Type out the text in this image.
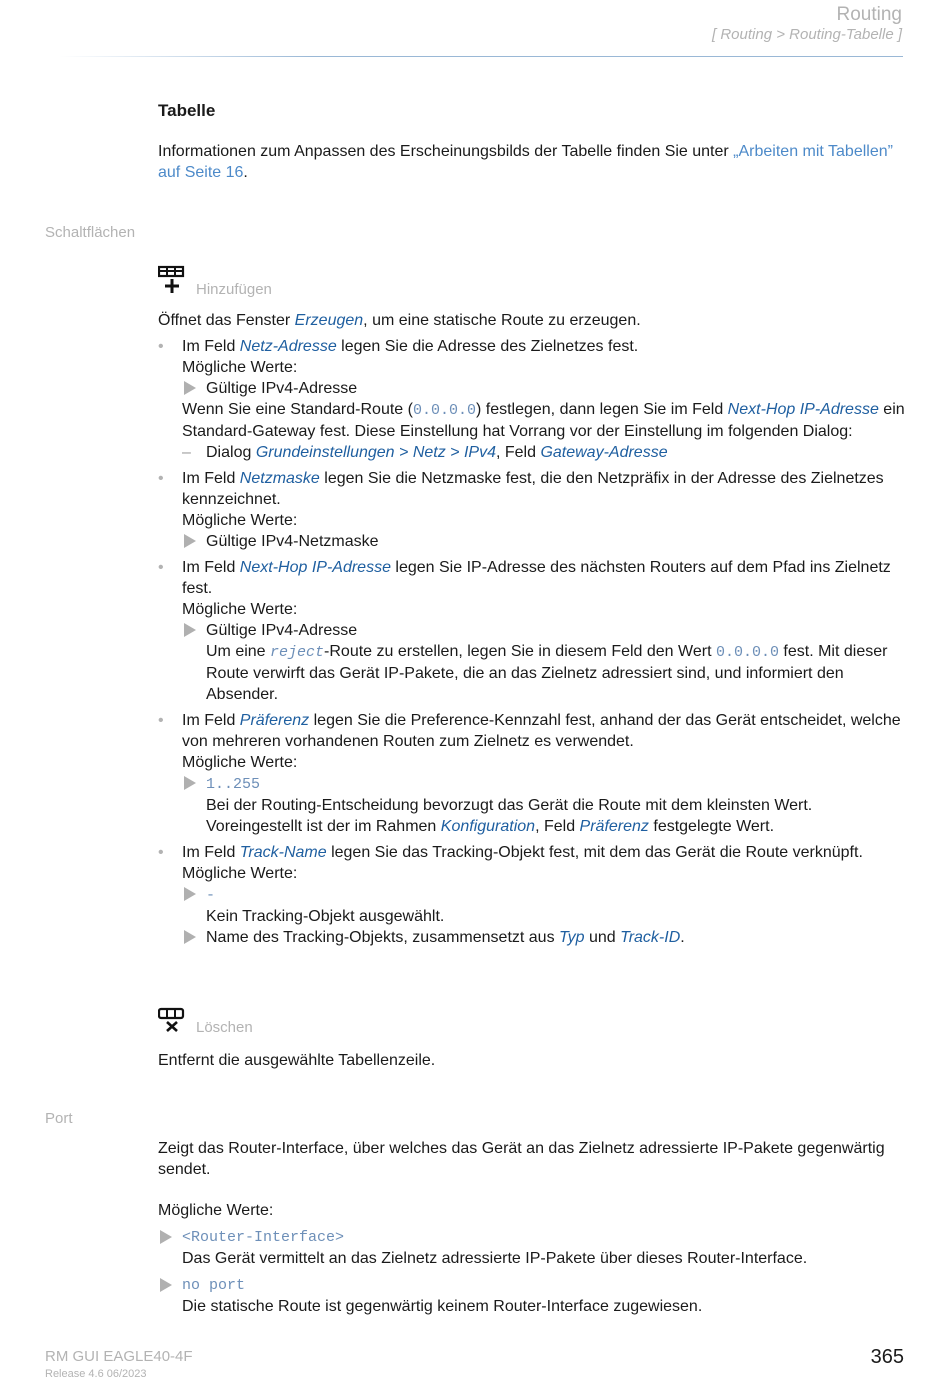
Routing
[ Routing > Routing-Tabelle ]
Tabelle

Informationen zum Anpassen des Erscheinungsbilds der Tabelle finden Sie unter „Arbeiten mit Tabellen” auf Seite 16.

Schaltflächen
Hinzufügen

Öffnet das Fenster Erzeugen, um eine statische Route zu erzeugen.

• Im Feld Netz-Adresse legen Sie die Adresse des Zielnetzes fest.
Mögliche Werte:
Gültige IPv4-Adresse
Wenn Sie eine Standard-Route (0.0.0.0) festlegen, dann legen Sie im Feld Next-Hop IP-Adresse ein Standard-Gateway fest. Diese Einstellung hat Vorrang vor der Einstellung im folgenden Dialog:
– Dialog Grundeinstellungen > Netz > IPv4, Feld Gateway-Adresse
• Im Feld Netzmaske legen Sie die Netzmaske fest, die den Netzpräfix in der Adresse des Zielnetzes kennzeichnet.
Mögliche Werte:
Gültige IPv4-Netzmaske
• Im Feld Next-Hop IP-Adresse legen Sie IP-Adresse des nächsten Routers auf dem Pfad ins Zielnetz fest.
Mögliche Werte:
Gültige IPv4-Adresse
Um eine reject-Route zu erstellen, legen Sie in diesem Feld den Wert 0.0.0.0 fest. Mit dieser Route verwirft das Gerät IP-Pakete, die an das Zielnetz adressiert sind, und informiert den Absender.
• Im Feld Präferenz legen Sie die Preference-Kennzahl fest, anhand der das Gerät entscheidet, welche von mehreren vorhandenen Routen zum Zielnetz es verwendet.
Mögliche Werte:
1..255
Bei der Routing-Entscheidung bevorzugt das Gerät die Route mit dem kleinsten Wert.
Voreingestellt ist der im Rahmen Konfiguration, Feld Präferenz festgelegte Wert.
• Im Feld Track-Name legen Sie das Tracking-Objekt fest, mit dem das Gerät die Route verknüpft.
Mögliche Werte:
-
Kein Tracking-Objekt ausgewählt.
Name des Tracking-Objekts, zusammensetzt aus Typ und Track-ID.
Löschen
Entfernt die ausgewählte Tabellenzeile.
Port

Zeigt das Router-Interface, über welches das Gerät an das Zielnetz adressierte IP-Pakete gegenwärtig sendet.

Mögliche Werte:

<Router-Interface>
Das Gerät vermittelt an das Zielnetz adressierte IP-Pakete über dieses Router-Interface.
no port
Die statische Route ist gegenwärtig keinem Router-Interface zugewiesen.
RM GUI EAGLE40-4F
Release 4.6 06/2023
365
